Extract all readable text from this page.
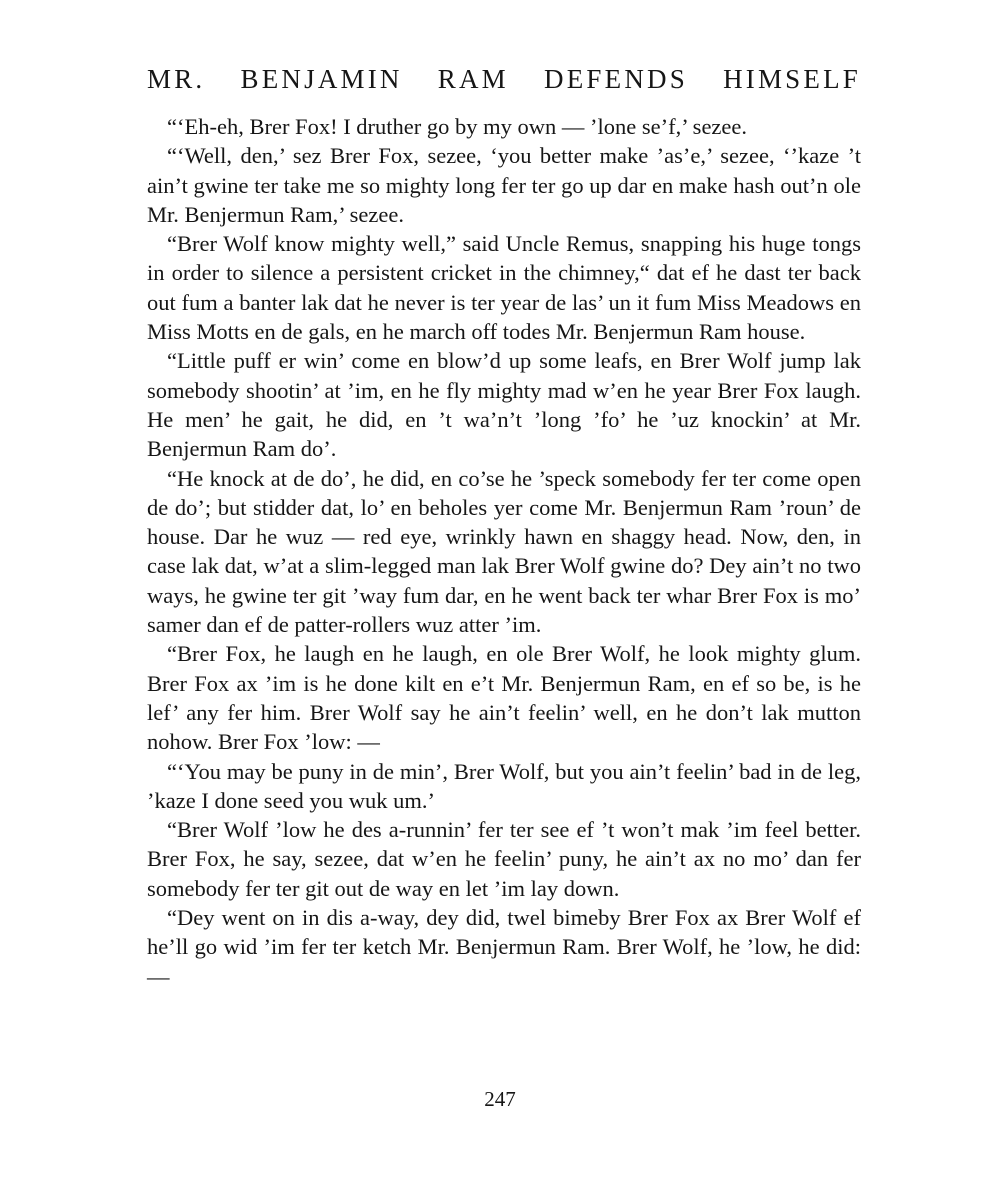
MR. BENJAMIN RAM DEFENDS HIMSELF

“‘Eh-eh, Brer Fox! I druther go by my own — ’lone se’f,’ sezee.

“‘Well, den,’ sez Brer Fox, sezee, ‘you better make ’as’e,’ sezee, ‘’kaze ’t ain’t gwine ter take me so mighty long fer ter go up dar en make hash out’n ole Mr. Benjermun Ram,’ sezee.

“Brer Wolf know mighty well,” said Uncle Remus, snapping his huge tongs in order to silence a persistent cricket in the chimney,“ dat ef he dast ter back out fum a banter lak dat he never is ter year de las’ un it fum Miss Meadows en Miss Motts en de gals, en he march off todes Mr. Benjermun Ram house.

“Little puff er win’ come en blow’d up some leafs, en Brer Wolf jump lak somebody shootin’ at ’im, en he fly mighty mad w’en he year Brer Fox laugh. He men’ he gait, he did, en ’t wa’n’t ’long ’fo’ he ’uz knockin’ at Mr. Benjermun Ram do’.

“He knock at de do’, he did, en co’se he ’speck somebody fer ter come open de do’; but stidder dat, lo’ en beholes yer come Mr. Benjermun Ram ’roun’ de house. Dar he wuz — red eye, wrinkly hawn en shaggy head. Now, den, in case lak dat, w’at a slim-legged man lak Brer Wolf gwine do? Dey ain’t no two ways, he gwine ter git ’way fum dar, en he went back ter whar Brer Fox is mo’ samer dan ef de patter-rollers wuz atter ’im.

“Brer Fox, he laugh en he laugh, en ole Brer Wolf, he look mighty glum. Brer Fox ax ’im is he done kilt en e’t Mr. Benjermun Ram, en ef so be, is he lef’ any fer him. Brer Wolf say he ain’t feelin’ well, en he don’t lak mutton nohow. Brer Fox ’low: —

“‘You may be puny in de min’, Brer Wolf, but you ain’t feelin’ bad in de leg, ’kaze I done seed you wuk um.’

“Brer Wolf ’low he des a-runnin’ fer ter see ef ’t won’t mak ’im feel better. Brer Fox, he say, sezee, dat w’en he feelin’ puny, he ain’t ax no mo’ dan fer somebody fer ter git out de way en let ’im lay down.

“Dey went on in dis a-way, dey did, twel bimeby Brer Fox ax Brer Wolf ef he’ll go wid ’im fer ter ketch Mr. Benjermun Ram. Brer Wolf, he ’low, he did: —

247
